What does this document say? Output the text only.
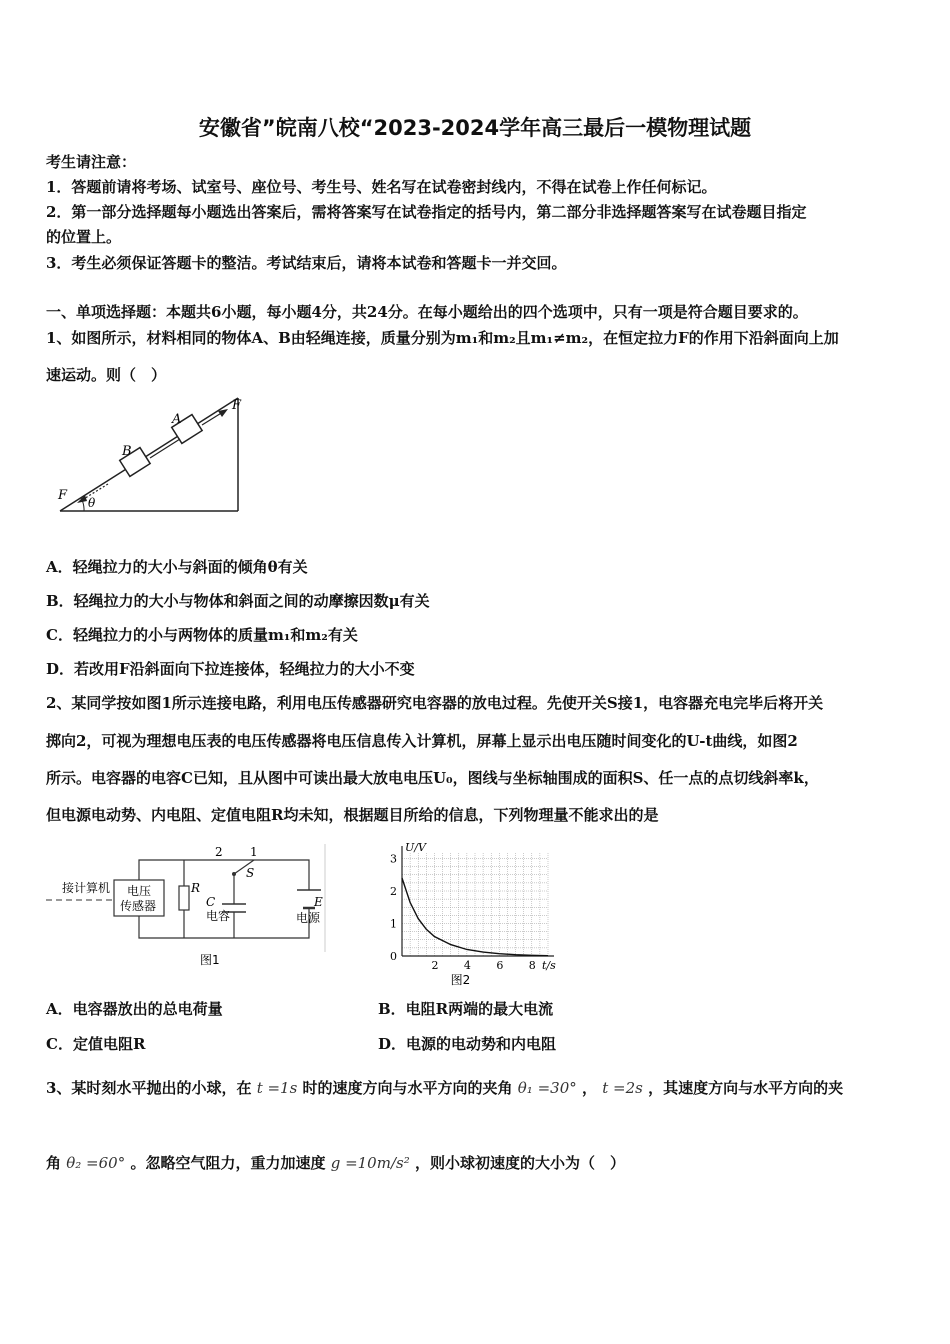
安徽省”皖南八校“2023-2024学年高三最后一模物理试题
考生请注意：
1．答题前请将考场、试室号、座位号、考生号、姓名写在试卷密封线内，不得在试卷上作任何标记。
2．第一部分选择题每小题选出答案后，需将答案写在试卷指定的括号内，第二部分非选择题答案写在试卷题目指定
的位置上。
3．考生必须保证答题卡的整洁。考试结束后，请将本试卷和答题卡一并交回。
一、单项选择题：本题共6小题，每小题4分，共24分。在每小题给出的四个选项中，只有一项是符合题目要求的。
1、如图所示，材料相同的物体A、B由轻绳连接，质量分别为m₁和m₂且m₁≠m₂，在恒定拉力F的作用下沿斜面向上加
速运动。则（　）
B
A
F
F θ
A．轻绳拉力的大小与斜面的倾角θ有关
B．轻绳拉力的大小与物体和斜面之间的动摩擦因数μ有关
C．轻绳拉力的小与两物体的质量m₁和m₂有关
D．若改用F沿斜面向下拉连接体，轻绳拉力的大小不变
2、某同学按如图1所示连接电路，利用电压传感器研究电容器的放电过程。先使开关S接1，电容器充电完毕后将开关
掷向2，可视为理想电压表的电压传感器将电压信息传入计算机，屏幕上显示出电压随时间变化的U-t曲线，如图2
所示。电容器的电容C已知，且从图中可读出最大放电电压U₀，图线与坐标轴围成的面积S、任一点的点切线斜率k，
但电源电动势、内电阻、定值电阻R均未知，根据题目所给的信息，下列物理量不能求出的是
电压
传感器
接计算机	R
C
电容
S
2 1
E
电源
图1	2 4 6 8
1
2
3
U/V
t/s
0
图2
A．电容器放出的总电荷量	B．电阻R两端的最大电流
C．定值电阻R	D．电源的电动势和内电阻
3、某时刻水平抛出的小球，在 t =1s 时的速度方向与水平方向的夹角 θ₁ =30° ， t =2s ，其速度方向与水平方向的夹
角 θ₂ =60° 。忽略空气阻力，重力加速度 g =10m/s² ，则小球初速度的大小为（　）
